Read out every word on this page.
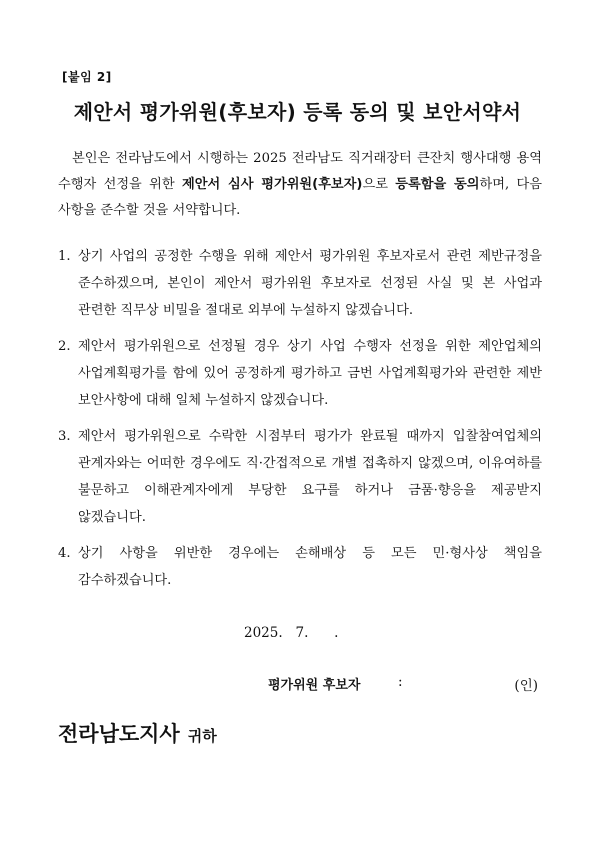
[붙임 2]
제안서 평가위원(후보자) 등록 동의 및 보안서약서
본인은 전라남도에서 시행하는 2025 전라남도 직거래장터 큰잔치 행사대행 용역 수행자 선정을 위한 제안서 심사 평가위원(후보자)으로 등록함을 동의하며, 다음 사항을 준수할 것을 서약합니다.
1. 상기 사업의 공정한 수행을 위해 제안서 평가위원 후보자로서 관련 제반규정을 준수하겠으며, 본인이 제안서 평가위원 후보자로 선정된 사실 및 본 사업과 관련한 직무상 비밀을 절대로 외부에 누설하지 않겠습니다.
2. 제안서 평가위원으로 선정될 경우 상기 사업 수행자 선정을 위한 제안업체의 사업계획평가를 함에 있어 공정하게 평가하고 금번 사업계획평가와 관련한 제반 보안사항에 대해 일체 누설하지 않겠습니다.
3. 제안서 평가위원으로 수락한 시점부터 평가가 완료될 때까지 입찰참여업체의 관계자와는 어떠한 경우에도 직·간접적으로 개별 접촉하지 않겠으며, 이유여하를 불문하고 이해관계자에게 부당한 요구를 하거나 금품·향응을 제공받지 않겠습니다.
4. 상기 사항을 위반한 경우에는 손해배상 등 모든 민·형사상 책임을 감수하겠습니다.
2025.   7.      .
평가위원 후보자	:	(인)
전라남도지사 귀하
